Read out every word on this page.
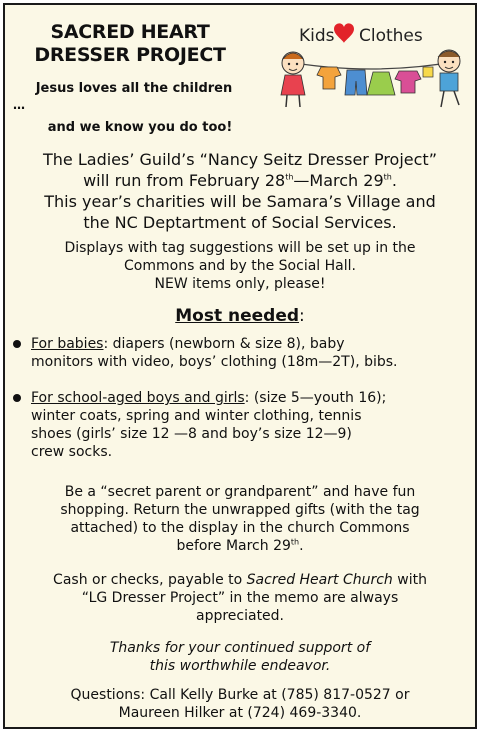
SACRED HEART
DRESSER PROJECT
Jesus loves all the children
…
and we know you do too!
Kids Clothes
The Ladies’ Guild’s “Nancy Seitz Dresser Project”
will run from February 28th—March 29th.
This year’s charities will be Samara’s Village and
the NC Deptartment of Social Services.
Displays with tag suggestions will be set up in the
Commons and by the Social Hall.
NEW items only, please!
Most needed:
For babies: diapers (newborn & size 8), baby
monitors with video, boys’ clothing (18m—2T), bibs.
For school-aged boys and girls: (size 5—youth 16);
winter coats, spring and winter clothing, tennis
shoes (girls’ size 12 —8 and boy’s size 12—9)
crew socks.
Be a “secret parent or grandparent” and have fun
shopping. Return the unwrapped gifts (with the tag
attached) to the display in the church Commons
before March 29th.
Cash or checks, payable to Sacred Heart Church with
“LG Dresser Project” in the memo are always
appreciated.
Thanks for your continued support of
this worthwhile endeavor.
Questions: Call Kelly Burke at (785) 817-0527 or
Maureen Hilker at (724) 469-3340.
